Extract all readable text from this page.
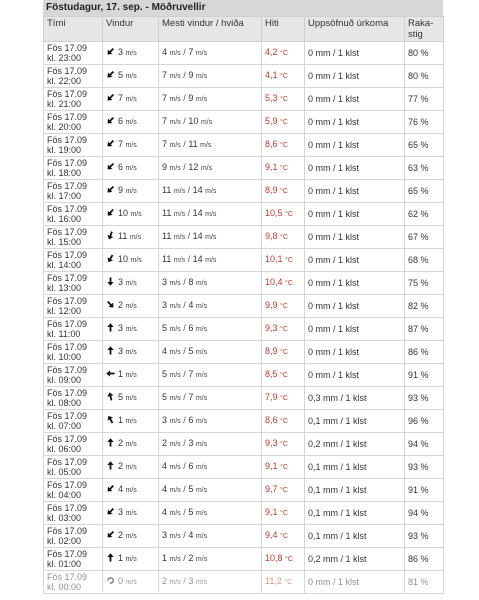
Föstudagur, 17. sep. - Möðruvellir
Tími	Vindur	Mesti vindur / hviða	Hiti	Uppsöfnuð úrkoma	Raka-
stig

Fös 17.09
kl. 23:00	3 m/s	4 m/s / 7 m/s	4,2 °C	0 mm / 1 klst	80 %

Fös 17.09
kl. 22:00	5 m/s	7 m/s / 9 m/s	4,1 °C	0 mm / 1 klst	80 %

Fös 17.09
kl. 21:00	7 m/s	7 m/s / 9 m/s	5,3 °C	0 mm / 1 klst	77 %

Fös 17.09
kl. 20:00	6 m/s	7 m/s / 10 m/s	5,9 °C	0 mm / 1 klst	76 %

Fös 17.09
kl. 19:00	7 m/s	7 m/s / 11 m/s	8,6 °C	0 mm / 1 klst	65 %

Fös 17.09
kl. 18:00	6 m/s	9 m/s / 12 m/s	9,1 °C	0 mm / 1 klst	63 %

Fös 17.09
kl. 17:00	9 m/s	11 m/s / 14 m/s	8,9 °C	0 mm / 1 klst	65 %

Fös 17.09
kl. 16:00	10 m/s	11 m/s / 14 m/s	10,5 °C	0 mm / 1 klst	62 %

Fös 17.09
kl. 15:00	11 m/s	11 m/s / 14 m/s	9,8 °C	0 mm / 1 klst	67 %

Fös 17.09
kl. 14:00	10 m/s	11 m/s / 14 m/s	10,1 °C	0 mm / 1 klst	68 %

Fös 17.09
kl. 13:00	3 m/s	3 m/s / 8 m/s	10,4 °C	0 mm / 1 klst	75 %

Fös 17.09
kl. 12:00	2 m/s	3 m/s / 4 m/s	9,9 °C	0 mm / 1 klst	82 %

Fös 17.09
kl. 11:00	3 m/s	5 m/s / 6 m/s	9,3 °C	0 mm / 1 klst	87 %

Fös 17.09
kl. 10:00	3 m/s	4 m/s / 5 m/s	8,9 °C	0 mm / 1 klst	86 %

Fös 17.09
kl. 09:00	1 m/s	5 m/s / 7 m/s	8,5 °C	0 mm / 1 klst	91 %

Fös 17.09
kl. 08:00	5 m/s	5 m/s / 7 m/s	7,9 °C	0,3 mm / 1 klst	93 %

Fös 17.09
kl. 07:00	1 m/s	3 m/s / 6 m/s	8,6 °C	0,1 mm / 1 klst	96 %

Fös 17.09
kl. 06:00	2 m/s	2 m/s / 3 m/s	9,3 °C	0,2 mm / 1 klst	94 %

Fös 17.09
kl. 05:00	2 m/s	4 m/s / 6 m/s	9,1 °C	0,1 mm / 1 klst	93 %

Fös 17.09
kl. 04:00	4 m/s	4 m/s / 5 m/s	9,7 °C	0,1 mm / 1 klst	91 %

Fös 17.09
kl. 03:00	3 m/s	4 m/s / 5 m/s	9,1 °C	0,1 mm / 1 klst	94 %

Fös 17.09
kl. 02:00	2 m/s	3 m/s / 4 m/s	9,4 °C	0,1 mm / 1 klst	93 %

Fös 17.09
kl. 01:00	1 m/s	1 m/s / 2 m/s	10,8 °C	0,2 mm / 1 klst	86 %

Fös 17.09
kl. 00:00	0 m/s	2 m/s / 3 m/s	11,2 °C	0 mm / 1 klst	81 %
